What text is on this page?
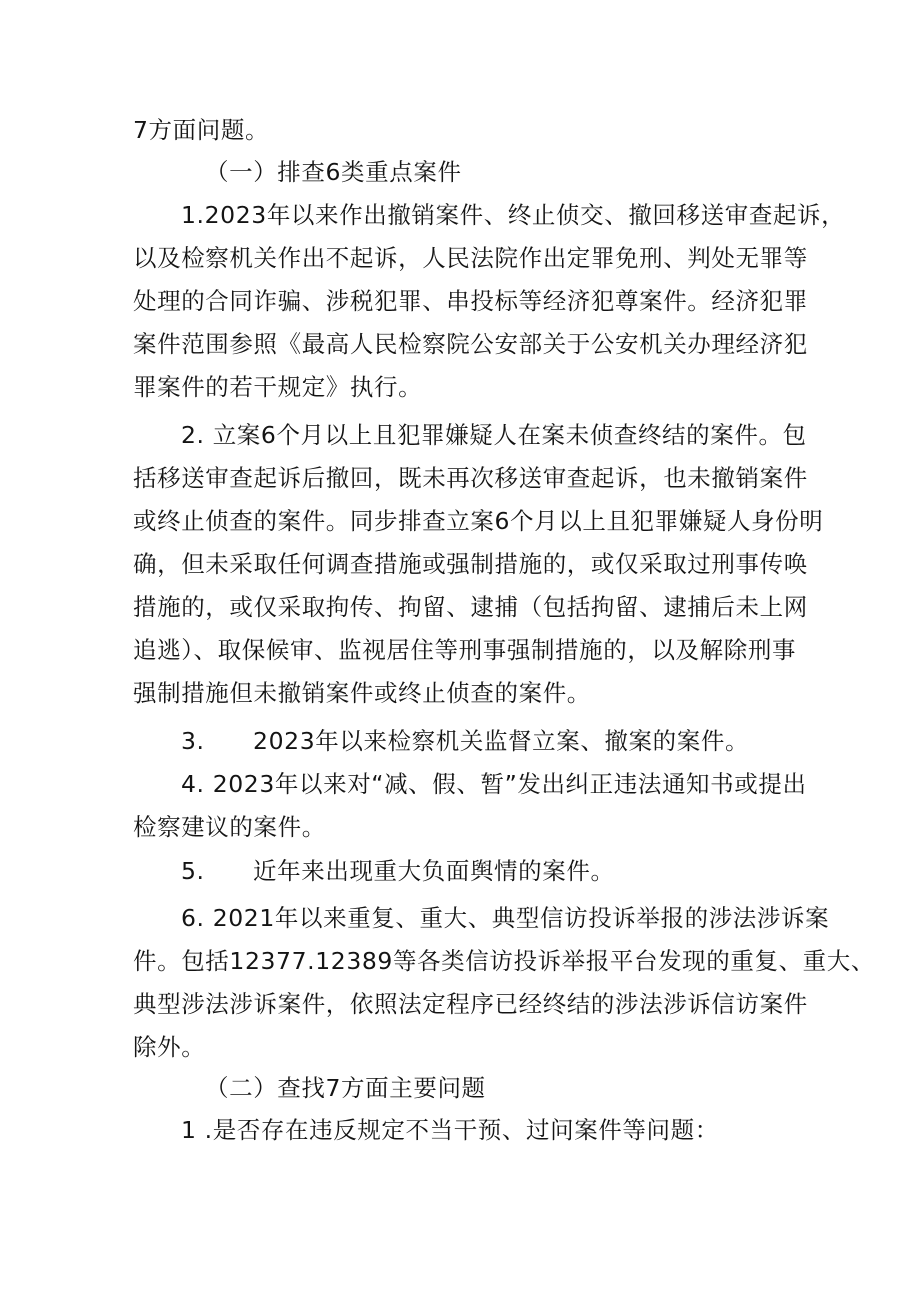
7方面问题。
（一）排查6类重点案件
1.2023年以来作出撤销案件、终止侦交、撤回移送审查起诉，
以及检察机关作出不起诉，人民法院作出定罪免刑、判处无罪等
处理的合同诈骗、涉税犯罪、串投标等经济犯尊案件。经济犯罪
案件范围参照《最高人民检察院公安部关于公安机关办理经济犯
罪案件的若干规定》执行。
2. 立案6个月以上且犯罪嫌疑人在案未侦查终结的案件。包
括移送审查起诉后撤回，既未再次移送审查起诉，也未撤销案件
或终止侦查的案件。同步排查立案6个月以上且犯罪嫌疑人身份明
确，但未采取任何调查措施或强制措施的，或仅采取过刑事传唤
措施的，或仅采取拘传、拘留、逮捕（包括拘留、逮捕后未上网
追逃）、取保候审、监视居住等刑事强制措施的，以及解除刑事
强制措施但未撤销案件或终止侦查的案件。
3.      2023年以来检察机关监督立案、撤案的案件。
4. 2023年以来对“减、假、暂”发出纠正违法通知书或提出
检察建议的案件。
5.      近年来出现重大负面舆情的案件。
6. 2021年以来重复、重大、典型信访投诉举报的涉法涉诉案
件。包括12377.12389等各类信访投诉举报平台发现的重复、重大、
典型涉法涉诉案件，依照法定程序已经终结的涉法涉诉信访案件
除外。
（二）查找7方面主要问题
1 .是否存在违反规定不当干预、过问案件等问题：
